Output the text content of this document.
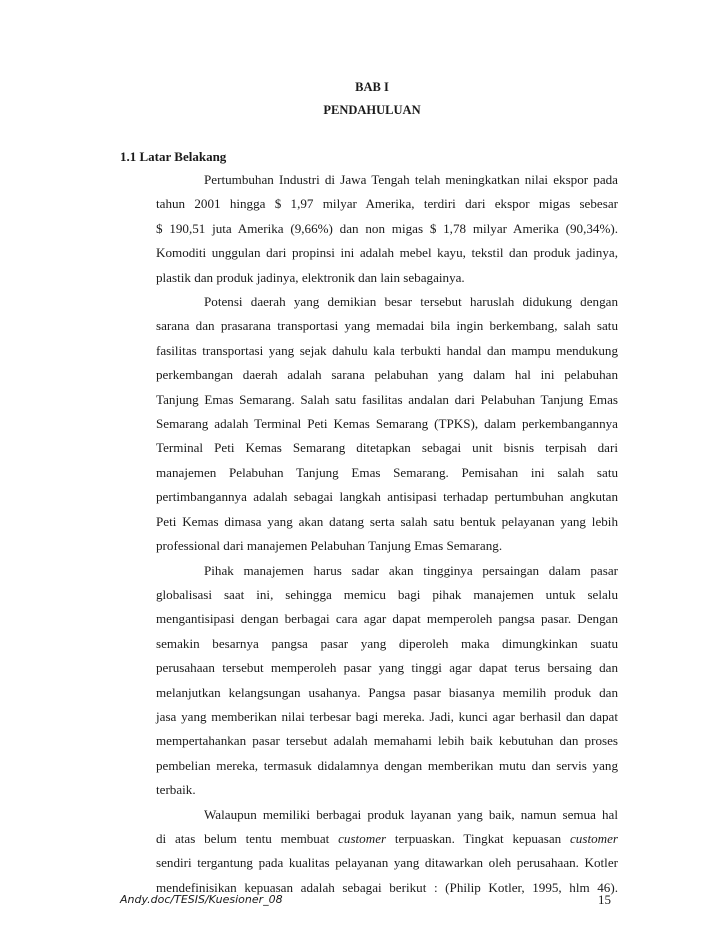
BAB I
PENDAHULUAN
1.1 Latar Belakang
Pertumbuhan Industri di Jawa Tengah telah meningkatkan nilai ekspor pada
tahun 2001 hingga $ 1,97 milyar Amerika, terdiri dari ekspor migas sebesar
$ 190,51 juta Amerika (9,66%) dan non migas $ 1,78 milyar Amerika (90,34%).
Komoditi unggulan dari propinsi ini adalah mebel kayu, tekstil dan produk jadinya,
plastik dan produk jadinya, elektronik dan lain sebagainya.
Potensi daerah yang demikian besar tersebut haruslah didukung dengan
sarana dan prasarana transportasi yang memadai bila ingin berkembang, salah satu
fasilitas transportasi yang sejak dahulu kala terbukti handal dan mampu mendukung
perkembangan daerah adalah sarana pelabuhan yang dalam hal ini pelabuhan
Tanjung Emas Semarang. Salah satu fasilitas andalan dari Pelabuhan Tanjung Emas
Semarang adalah Terminal Peti Kemas Semarang (TPKS), dalam perkembangannya
Terminal Peti Kemas Semarang ditetapkan sebagai unit bisnis terpisah dari
manajemen Pelabuhan Tanjung Emas Semarang. Pemisahan ini salah satu
pertimbangannya adalah sebagai langkah antisipasi terhadap pertumbuhan angkutan
Peti Kemas dimasa yang akan datang serta salah satu bentuk pelayanan yang lebih
professional dari manajemen Pelabuhan Tanjung Emas Semarang.
Pihak manajemen harus sadar akan tingginya persaingan dalam pasar
globalisasi saat ini, sehingga memicu bagi pihak manajemen untuk selalu
mengantisipasi dengan berbagai cara agar dapat memperoleh pangsa pasar. Dengan
semakin besarnya pangsa pasar yang diperoleh maka dimungkinkan suatu
perusahaan tersebut memperoleh pasar yang tinggi agar dapat terus bersaing dan
melanjutkan kelangsungan usahanya. Pangsa pasar biasanya memilih produk dan
jasa yang memberikan nilai terbesar bagi mereka. Jadi, kunci agar berhasil dan dapat
mempertahankan pasar tersebut adalah memahami lebih baik kebutuhan dan proses
pembelian mereka, termasuk didalamnya dengan memberikan mutu dan servis yang
terbaik.
Walaupun memiliki berbagai produk layanan yang baik, namun semua hal
di atas belum tentu membuat customer terpuaskan. Tingkat kepuasan customer
sendiri tergantung pada kualitas pelayanan yang ditawarkan oleh perusahaan. Kotler
mendefinisikan kepuasan adalah sebagai berikut : (Philip Kotler, 1995, hlm 46).
Andy.doc/TESIS/Kuesioner_08	15
